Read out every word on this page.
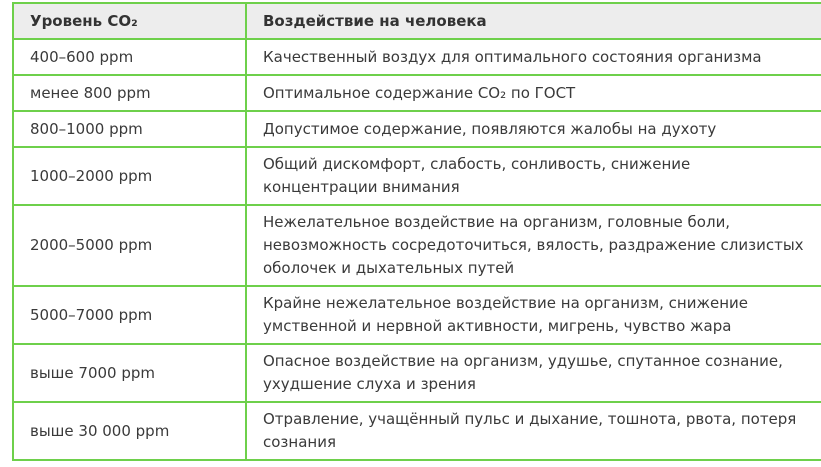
Уровень CO₂	Воздействие на человека
400–600 ppm	Качественный воздух для оптимального состояния организма
менее 800 ppm	Оптимальное содержание CO₂ по ГОСТ
800–1000 ppm	Допустимое содержание, появляются жалобы на духоту
1000–2000 ppm	Общий дискомфорт, слабость, сонливость, снижение концентрации внимания
2000–5000 ppm	Нежелательное воздействие на организм, головные боли, невозможность сосредоточиться, вялость, раздражение слизистых оболочек и дыхательных путей
5000–7000 ppm	Крайне нежелательное воздействие на организм, снижение умственной и нервной активности, мигрень, чувство жара
выше 7000 ppm	Опасное воздействие на организм, удушье, спутанное сознание, ухудшение слуха и зрения
выше 30 000 ppm	Отравление, учащённый пульс и дыхание, тошнота, рвота, потеря сознания
